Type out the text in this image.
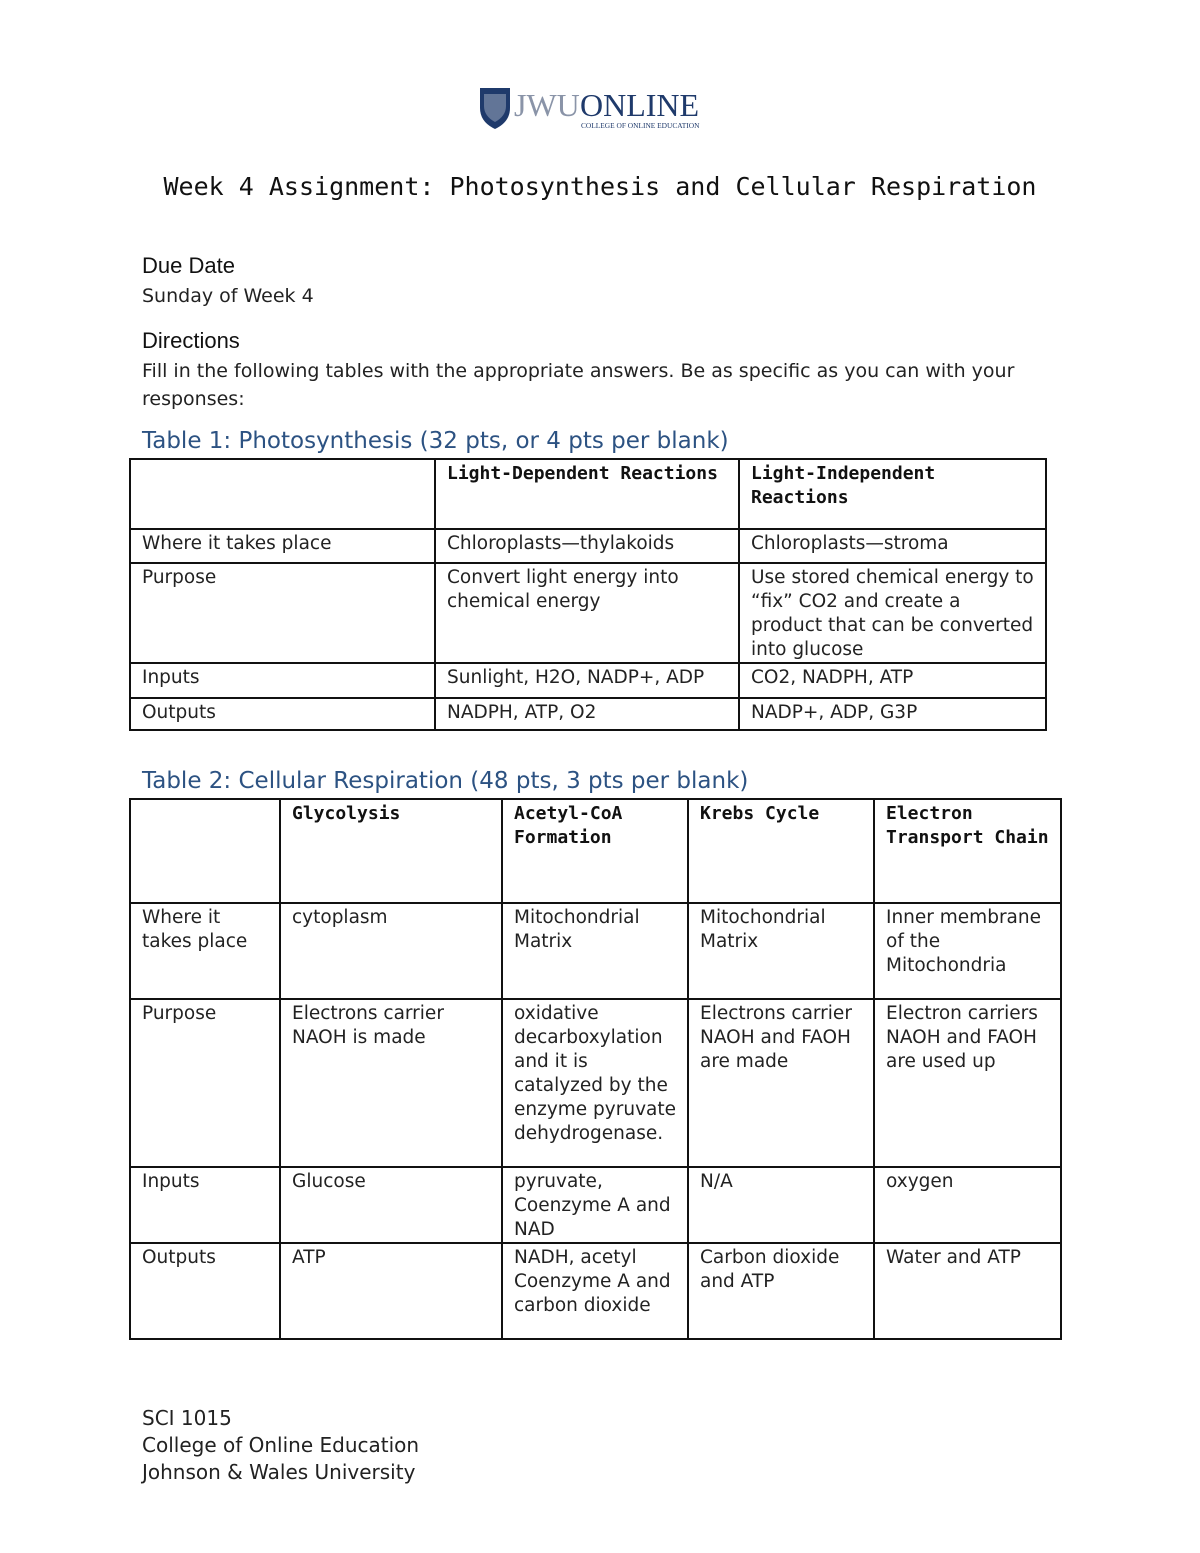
JWU ONLINE
COLLEGE OF ONLINE EDUCATION
Week 4 Assignment: Photosynthesis and Cellular Respiration
Due Date
Sunday of Week 4
Directions
Fill in the following tables with the appropriate answers. Be as specific as you can with your responses:
Table 1: Photosynthesis (32 pts, or 4 pts per blank)
	Light-Dependent Reactions	Light-Independent Reactions
Where it takes place	Chloroplasts—thylakoids	Chloroplasts—stroma
Purpose	Convert light energy into chemical energy	Use stored chemical energy to “fix” CO2 and create a product that can be converted into glucose
Inputs	Sunlight, H2O, NADP+, ADP	CO2, NADPH, ATP
Outputs	NADPH, ATP, O2	NADP+, ADP, G3P
Table 2: Cellular Respiration (48 pts, 3 pts per blank)
	Glycolysis	Acetyl-CoA Formation	Krebs Cycle	Electron Transport Chain
Where it takes place	cytoplasm	Mitochondrial Matrix	Mitochondrial Matrix	Inner membrane of the Mitochondria
Purpose	Electrons carrier NAOH is made	oxidative decarboxylation and it is catalyzed by the enzyme pyruvate dehydrogenase.	Electrons carrier NAOH and FAOH are made	Electron carriers NAOH and FAOH are used up
Inputs	Glucose	pyruvate, Coenzyme A and NAD	N/A	oxygen
Outputs	ATP	NADH, acetyl Coenzyme A and carbon dioxide	Carbon dioxide and ATP	Water and ATP
SCI 1015
College of Online Education
Johnson & Wales University
